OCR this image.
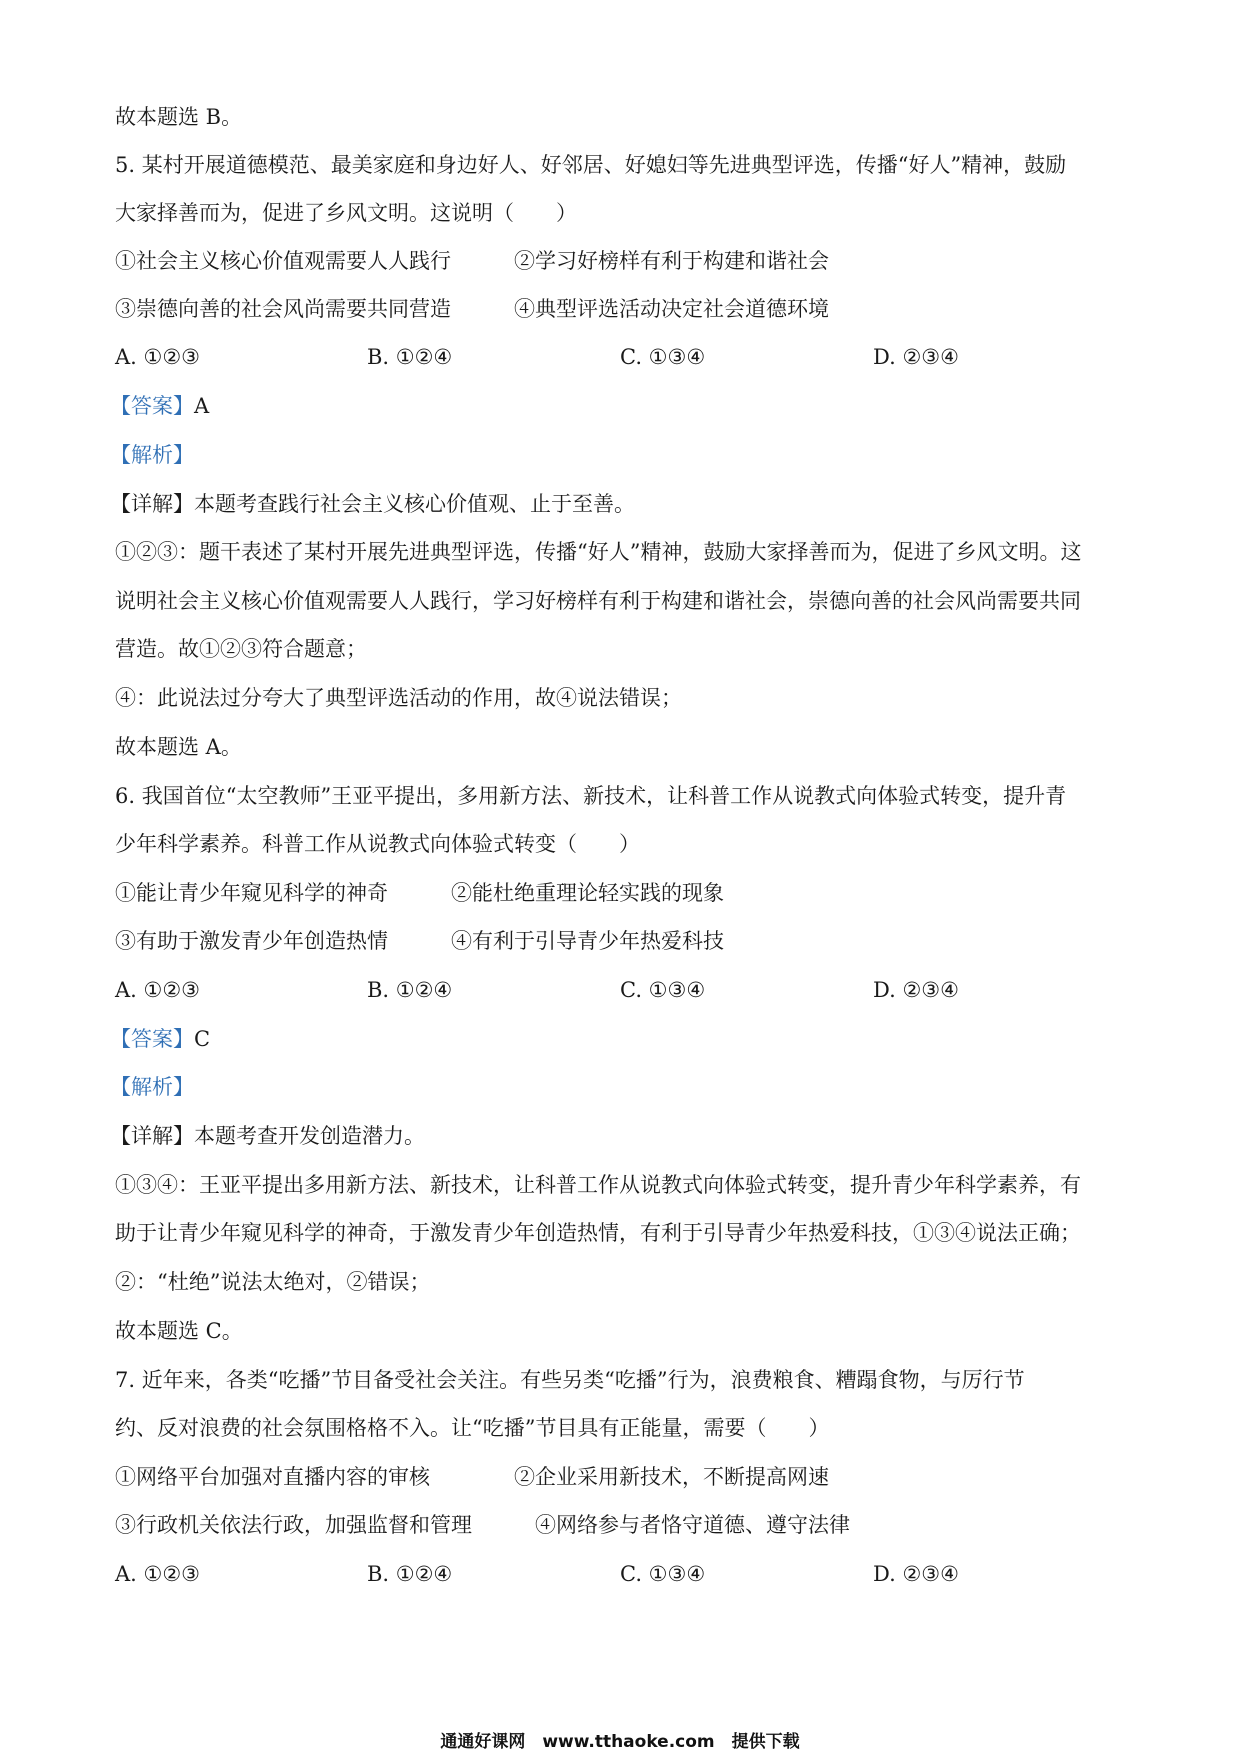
故本题选 B。
5. 某村开展道德模范、最美家庭和身边好人、好邻居、好媳妇等先进典型评选，传播“好人”精神，鼓励
大家择善而为，促进了乡风文明。这说明（　　）
①社会主义核心价值观需要人人践行　　　②学习好榜样有利于构建和谐社会
③崇德向善的社会风尚需要共同营造　　　④典型评选活动决定社会道德环境
A. ①②③	B. ①②④	C. ①③④	D. ②③④
【答案】A
【解析】
【详解】本题考查践行社会主义核心价值观、止于至善。
①②③：题干表述了某村开展先进典型评选，传播“好人”精神，鼓励大家择善而为，促进了乡风文明。这
说明社会主义核心价值观需要人人践行，学习好榜样有利于构建和谐社会，崇德向善的社会风尚需要共同
营造。故①②③符合题意；
④：此说法过分夸大了典型评选活动的作用，故④说法错误；
故本题选 A。
6. 我国首位“太空教师”王亚平提出，多用新方法、新技术，让科普工作从说教式向体验式转变，提升青
少年科学素养。科普工作从说教式向体验式转变（　　）
①能让青少年窥见科学的神奇　　　②能杜绝重理论轻实践的现象
③有助于激发青少年创造热情　　　④有利于引导青少年热爱科技
A. ①②③	B. ①②④	C. ①③④	D. ②③④
【答案】C
【解析】
【详解】本题考查开发创造潜力。
①③④：王亚平提出多用新方法、新技术，让科普工作从说教式向体验式转变，提升青少年科学素养，有
助于让青少年窥见科学的神奇，于激发青少年创造热情，有利于引导青少年热爱科技，①③④说法正确；
②：“杜绝”说法太绝对，②错误；
故本题选 C。
7. 近年来，各类“吃播”节目备受社会关注。有些另类“吃播”行为，浪费粮食、糟蹋食物，与厉行节
约、反对浪费的社会氛围格格不入。让“吃播”节目具有正能量，需要（　　）
①网络平台加强对直播内容的审核　　　　②企业采用新技术，不断提高网速
③行政机关依法行政，加强监督和管理　　　④网络参与者恪守道德、遵守法律
A. ①②③	B. ①②④	C. ①③④	D. ②③④
通通好课网　www.tthaoke.com　提供下载
